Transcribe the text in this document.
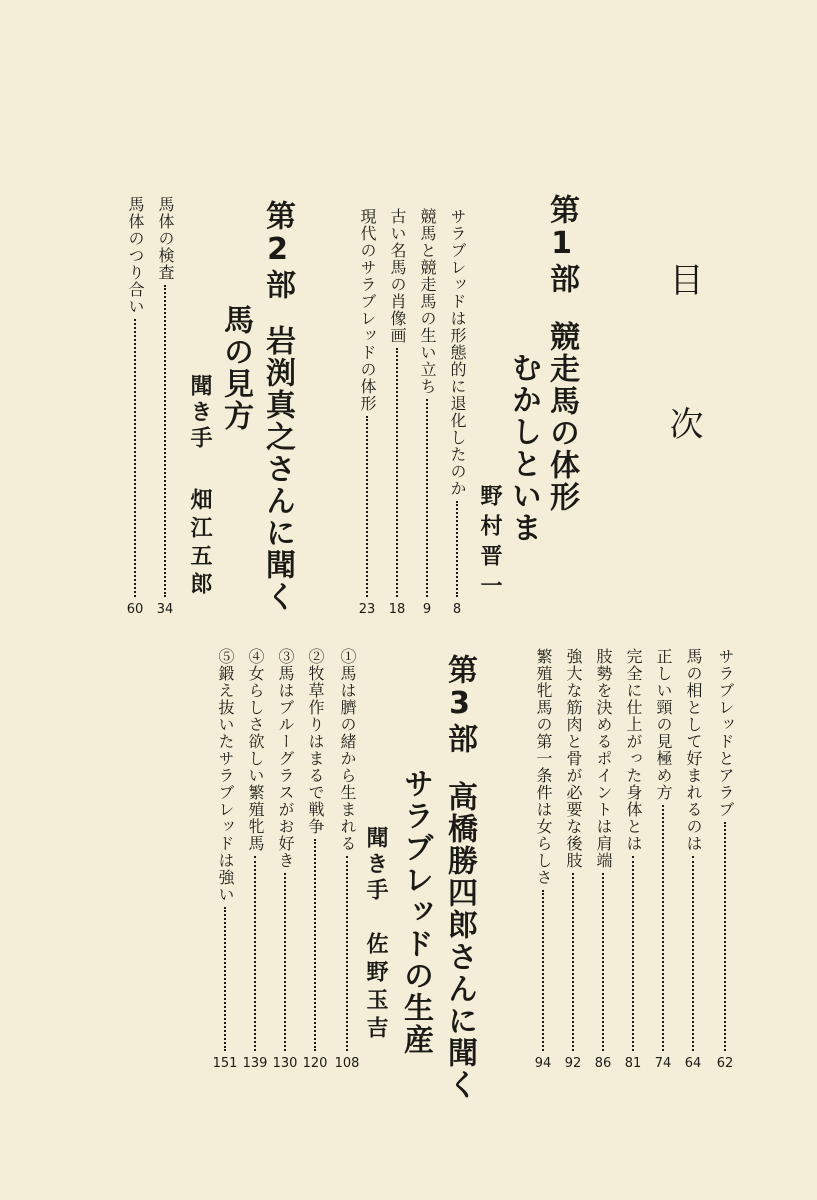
目　次
第1部競走馬の体形
むかしといま
野村晋一
サラブレッドは形態的に退化したのか
8
競馬と競走馬の生い立ち
9
古い名馬の肖像画
18
現代のサラブレッドの体形
23
第2部岩渕真之さんに聞く
馬の見方
聞き手畑江五郎
馬体の検査
34
馬体のつり合い
60
サラブレッドとアラブ
62
馬の相として好まれるのは
64
正しい頸の見極め方
74
完全に仕上がった身体とは
81
肢勢を決めるポイントは肩端
86
強大な筋肉と骨が必要な後肢
92
繁殖牝馬の第一条件は女らしさ
94
第3部高橋勝四郎さんに聞く
サラブレッドの生産
聞き手佐野玉吉
①馬は臍の緒から生まれる
108
②牧草作りはまるで戦争
120
③馬はブルーグラスがお好き
130
④女らしさ欲しい繁殖牝馬
139
⑤鍛え抜いたサラブレッドは強い
151
